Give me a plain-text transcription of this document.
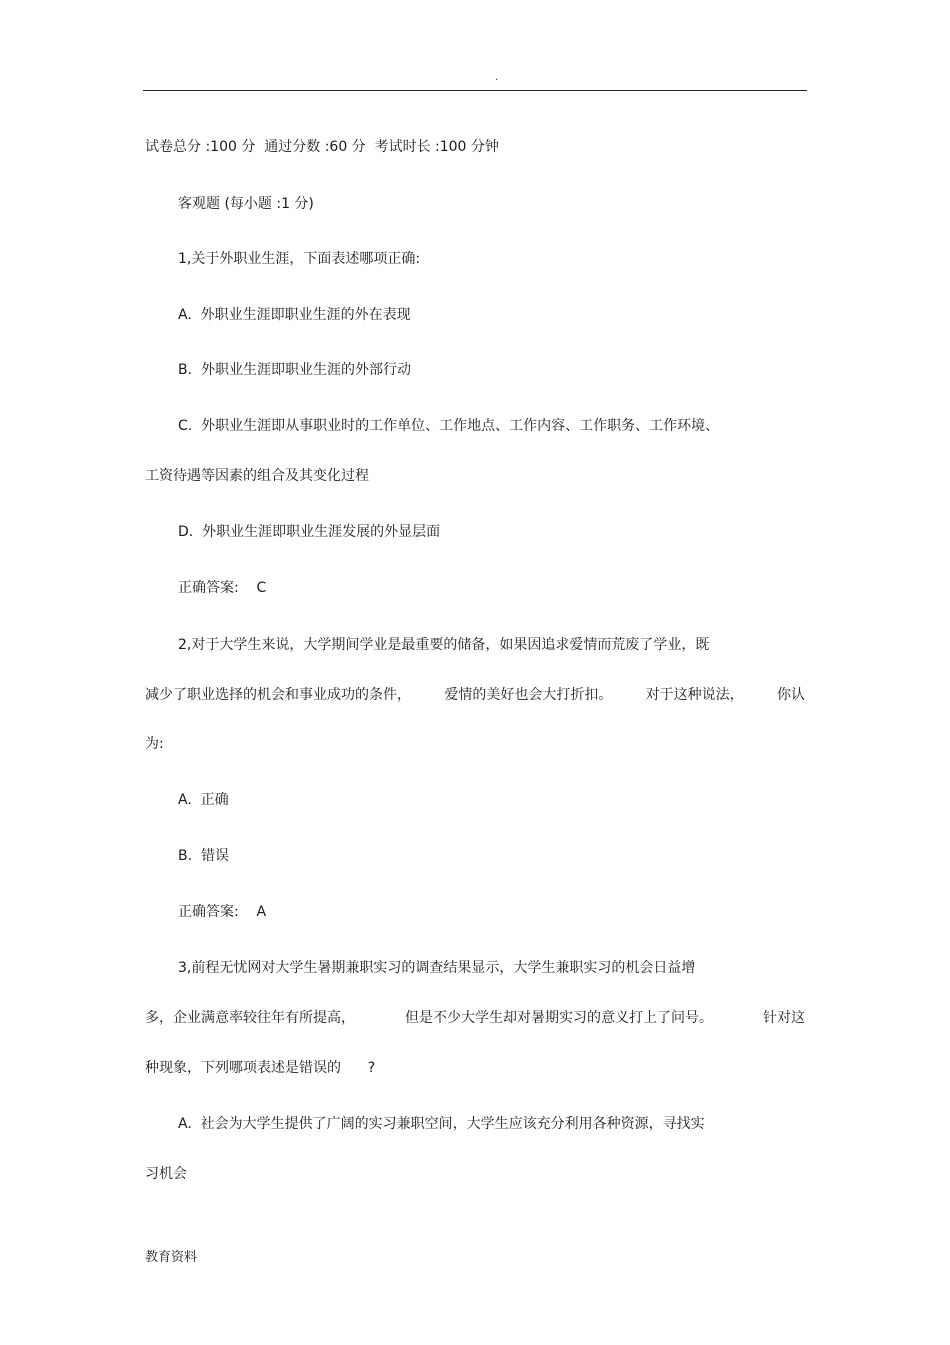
.
试卷总分 :100 分  通过分数 :60 分  考试时长 :100 分钟
客观题 (每小题 :1 分)
1,关于外职业生涯，下面表述哪项正确:
A.  外职业生涯即职业生涯的外在表现
B.  外职业生涯即职业生涯的外部行动
C.  外职业生涯即从事职业时的工作单位、工作地点、工作内容、工作职务、工作环境、
工资待遇等因素的组合及其变化过程
D.  外职业生涯即职业生涯发展的外显层面
正确答案:    C
2,对于大学生来说，大学期间学业是最重要的储备，如果因追求爱情而荒废了学业，既
减少了职业选择的机会和事业成功的条件， 爱情的美好也会大打折扣。 对于这种说法， 你认
为:
A.  正确
B.  错误
正确答案:    A
3,前程无忧网对大学生暑期兼职实习的调查结果显示，大学生兼职实习的机会日益增
多，企业满意率较往年有所提高，	但是不少大学生却对暑期实习的意义打上了问号。	针对这
种现象，下列哪项表述是错误的      ?
A.  社会为大学生提供了广阔的实习兼职空间，大学生应该充分利用各种资源，寻找实
习机会
教育资料
